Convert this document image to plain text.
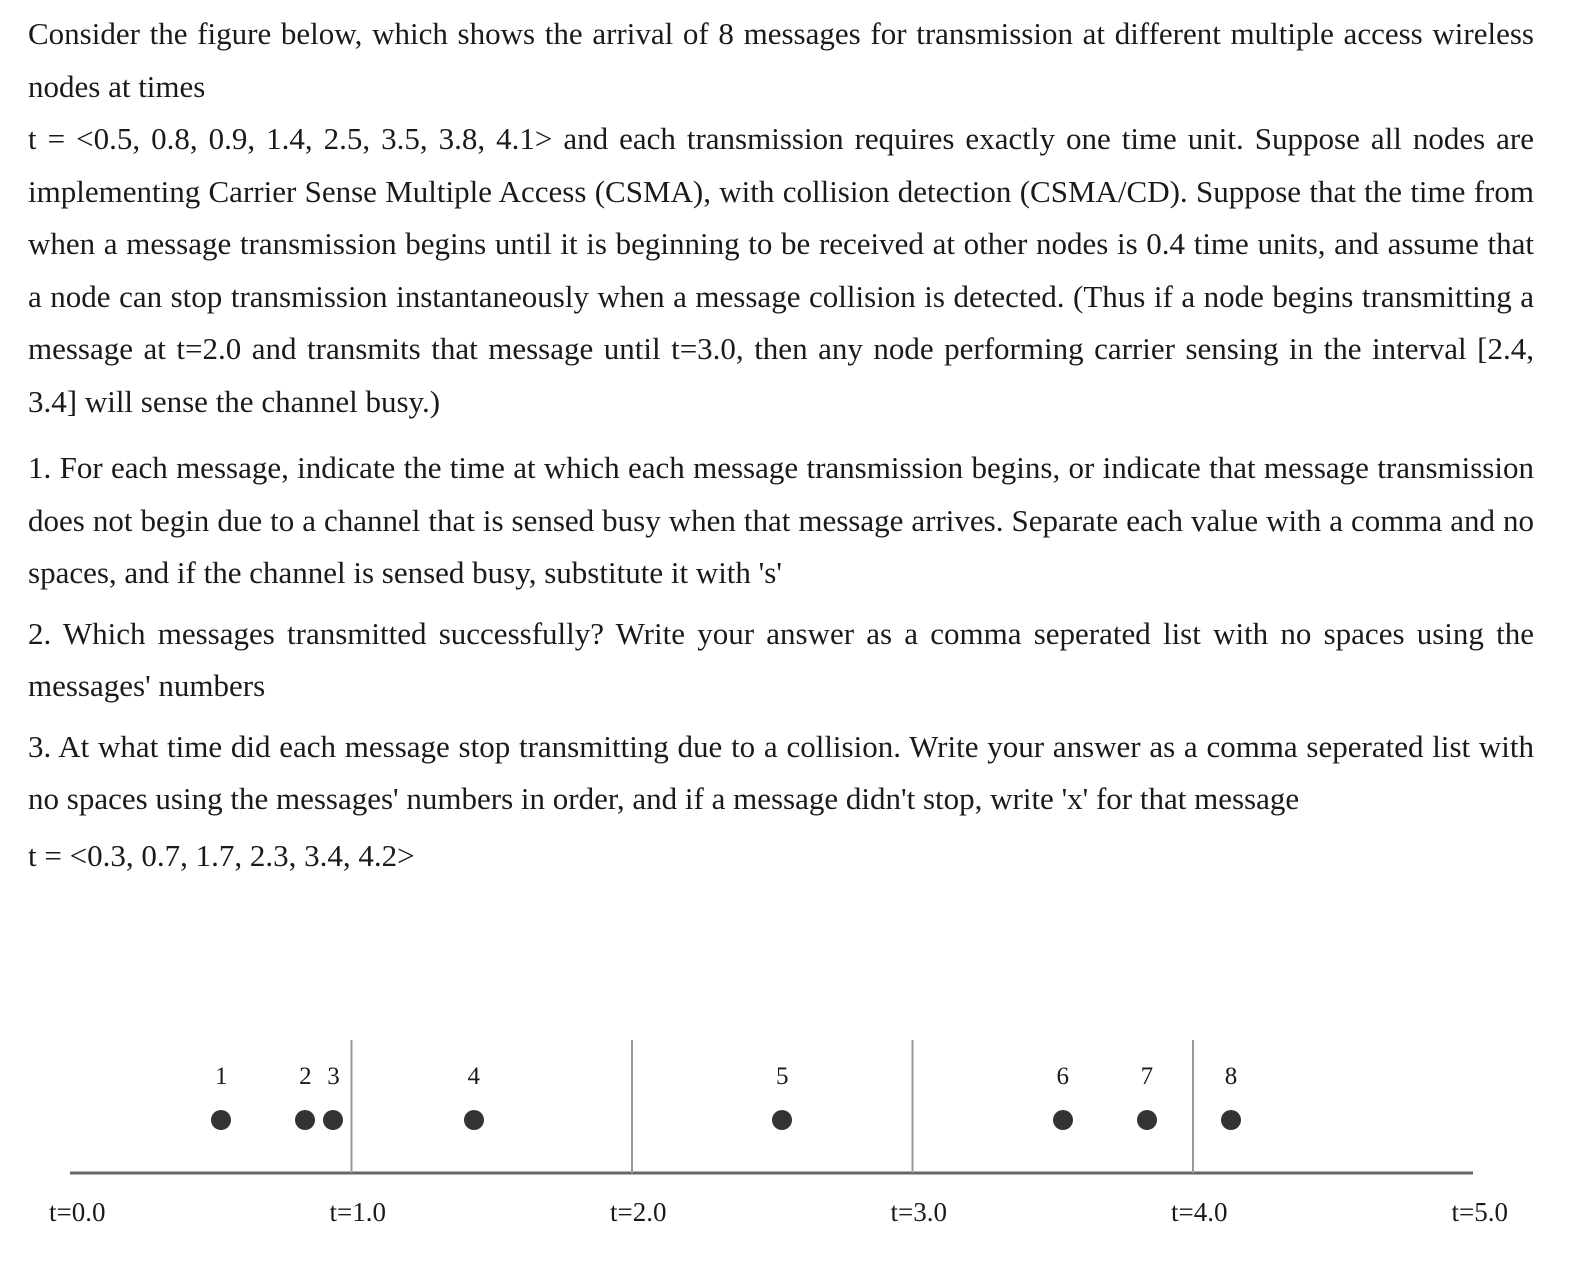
Consider the figure below, which shows the arrival of 8 messages for transmission at different multiple access wireless nodes at times
t = <0.5, 0.8, 0.9, 1.4, 2.5, 3.5, 3.8, 4.1> and each transmission requires exactly one time unit. Suppose all nodes are implementing Carrier Sense Multiple Access (CSMA), with collision detection (CSMA/CD). Suppose that the time from when a message transmission begins until it is beginning to be received at other nodes is 0.4 time units, and assume that a node can stop transmission instantaneously when a message collision is detected. (Thus if a node begins transmitting a message at t=2.0 and transmits that message until t=3.0, then any node performing carrier sensing in the interval [2.4, 3.4] will sense the channel busy.)

1. For each message, indicate the time at which each message transmission begins, or indicate that message transmission does not begin due to a channel that is sensed busy when that message arrives. Separate each value with a comma and no spaces, and if the channel is sensed busy, substitute it with 's'

2. Which messages transmitted successfully? Write your answer as a comma seperated list with no spaces using the messages' numbers

3. At what time did each message stop transmitting due to a collision. Write your answer as a comma seperated list with no spaces using the messages' numbers in order, and if a message didn't stop, write 'x' for that message

t = <0.3, 0.7, 1.7, 2.3, 3.4, 4.2>

t=0.0	t=1.0	t=2.0	t=3.0	t=4.0	t=5.0
1	2 3	4	5	6	7	8
